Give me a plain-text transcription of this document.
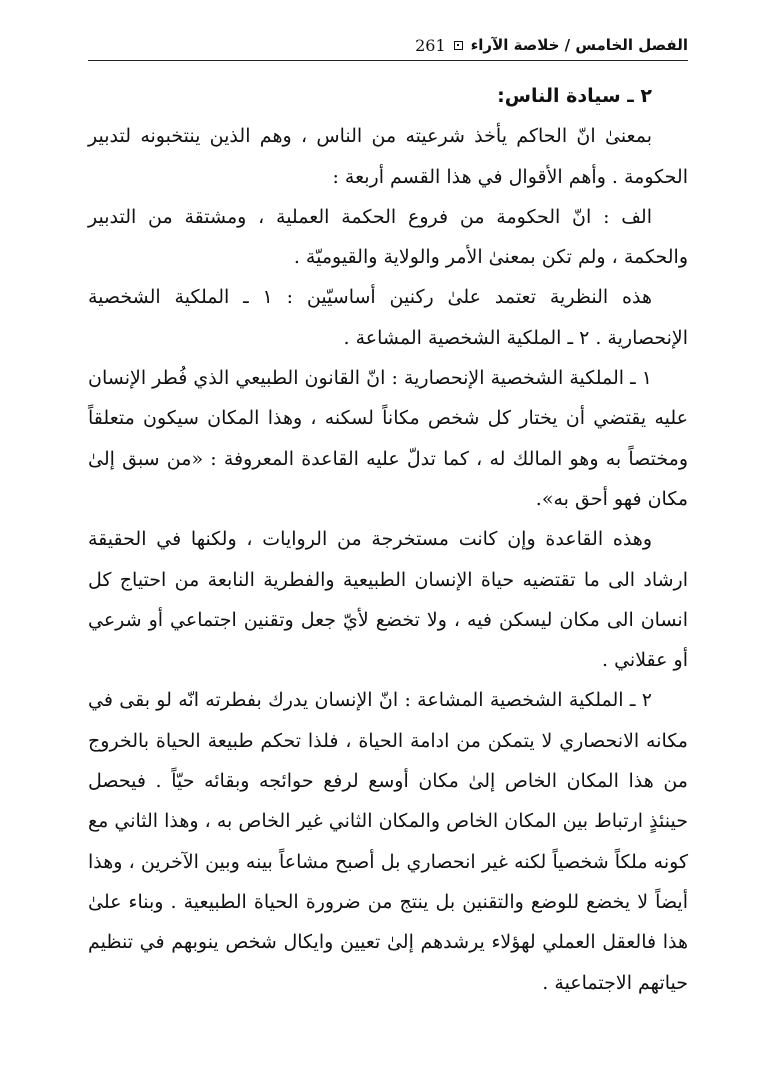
الفصل الخامس / خلاصة الآراء
261

٢ ـ سيادة الناس:

بمعنىٰ انّ الحاكم يأخذ شرعيته من الناس ، وهم الذين ينتخبونه لتدبير الحكومة . وأهم الأقوال في هذا القسم أربعة :

الف : انّ الحكومة من فروع الحكمة العملية ، ومشتقة من التدبير والحكمة ، ولم تكن بمعنىٰ الأمر والولاية والقيوميّة .

هذه النظرية تعتمد علىٰ ركنين أساسيّين : ١ ـ الملكية الشخصية الإنحصارية . ٢ ـ الملكية الشخصية المشاعة .

١ ـ الملكية الشخصية الإنحصارية : انّ القانون الطبيعي الذي فُطر الإنسان عليه يقتضي أن يختار كل شخص مكاناً لسكنه ، وهذا المكان سيكون متعلقاً ومختصاً به وهو المالك له ، كما تدلّ عليه القاعدة المعروفة : «من سبق إلىٰ مكان فهو أحق به».

وهذه القاعدة وإن كانت مستخرجة من الروايات ، ولكنها في الحقيقة ارشاد الى ما تقتضيه حياة الإنسان الطبيعية والفطرية النابعة من احتياج كل انسان الى مكان ليسكن فيه ، ولا تخضع لأيّ جعل وتقنين اجتماعي أو شرعي أو عقلاني .

٢ ـ الملكية الشخصية المشاعة : انّ الإنسان يدرك بفطرته انّه لو بقى في مكانه الانحصاري لا يتمكن من ادامة الحياة ، فلذا تحكم طبيعة الحياة بالخروج من هذا المكان الخاص إلىٰ مكان أوسع لرفع حوائجه وبقائه حيّاً . فيحصل حينئذٍ ارتباط بين المكان الخاص والمكان الثاني غير الخاص به ، وهذا الثاني مع كونه ملكاً شخصياً لكنه غير انحصاري بل أصبح مشاعاً بينه وبين الآخرين ، وهذا أيضاً لا يخضع للوضع والتقنين بل ينتج من ضرورة الحياة الطبيعية . وبناء علىٰ هذا فالعقل العملي لهؤلاء يرشدهم إلىٰ تعيين وايكال شخص ينوبهم في تنظيم حياتهم الاجتماعية .
